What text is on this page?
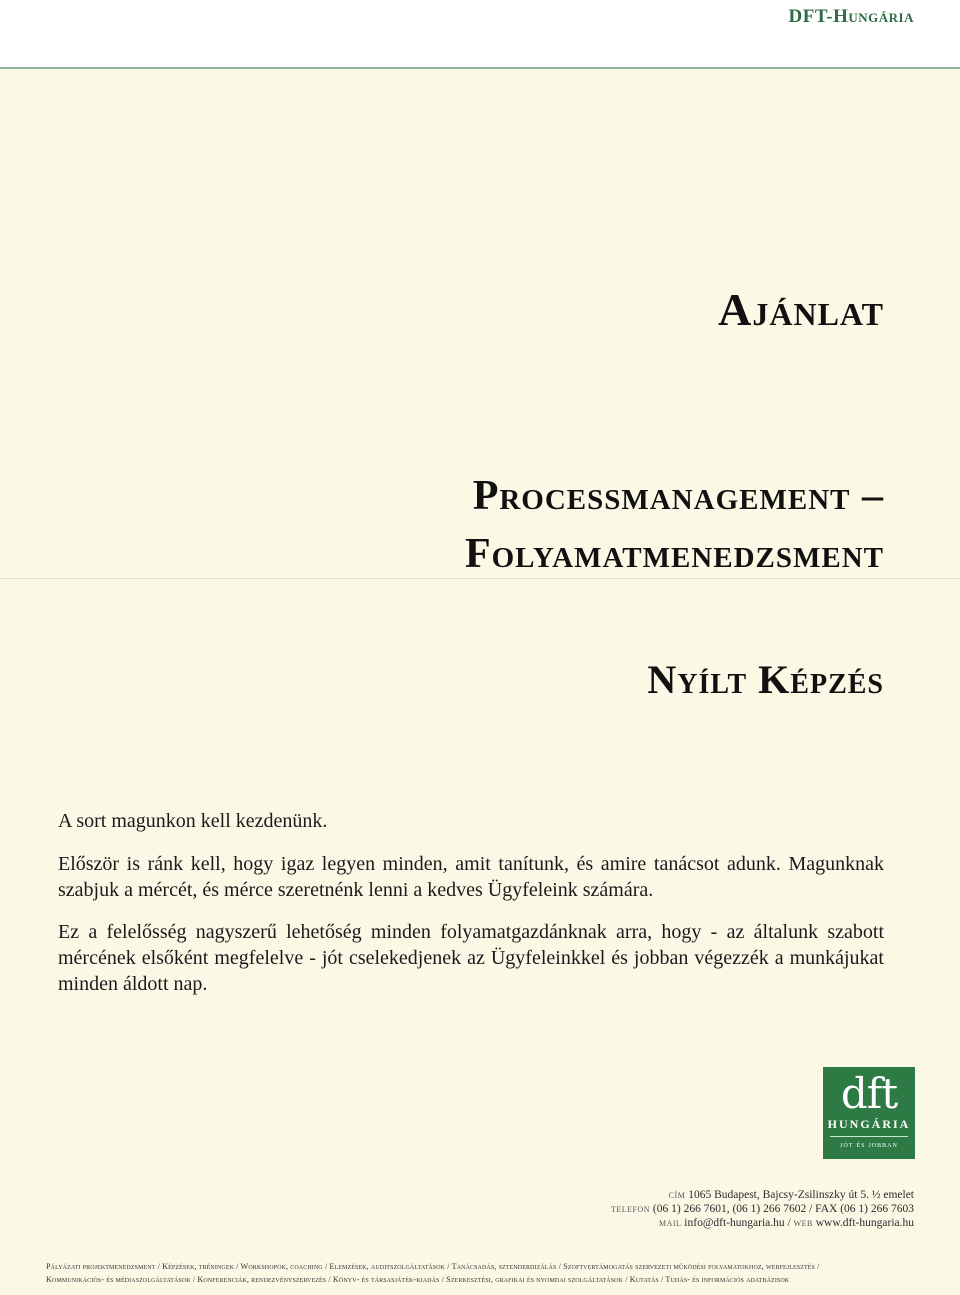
DFT-Hungária
Ajánlat
Processmanagement –
Folyamatmenedzsment
Nyílt Képzés
A sort magunkon kell kezdenünk.
Először is ránk kell, hogy igaz legyen minden, amit tanítunk, és amire tanácsot adunk. Magunknak szabjuk a mércét, és mérce szeretnénk lenni a kedves Ügyfeleink számára.
Ez a felelősség nagyszerű lehetőség minden folyamatgazdánknak arra, hogy - az általunk szabott mércének elsőként megfelelve - jót cselekedjenek az Ügyfeleinkkel és jobban végezzék a munkájukat minden áldott nap.
dft
HUNGÁRIA
jót és jobban
cím 1065 Budapest, Bajcsy-Zsilinszky út 5. ½ emelet
telefon (06 1) 266 7601, (06 1) 266 7602 / FAX (06 1) 266 7603
mail info@dft-hungaria.hu / web www.dft-hungaria.hu
Pályázati projektmenedzsment / Képzések, tréningek / Workshopok, coaching / Elemzések, auditszolgáltatások / Tanácsadás, sztenderdizálás / Szoftvertámogatás szervezeti működési folyamatokhoz, webfejlesztés /
Kommunikációs- és médiaszolgáltatások / Konferenciák, rendezvényszervezés / Könyv- és társasjáték-kiadás / Szerkesztési, grafikai és nyomdai szolgáltatások / Kutatás / Tudás- és információs adatbázisok
